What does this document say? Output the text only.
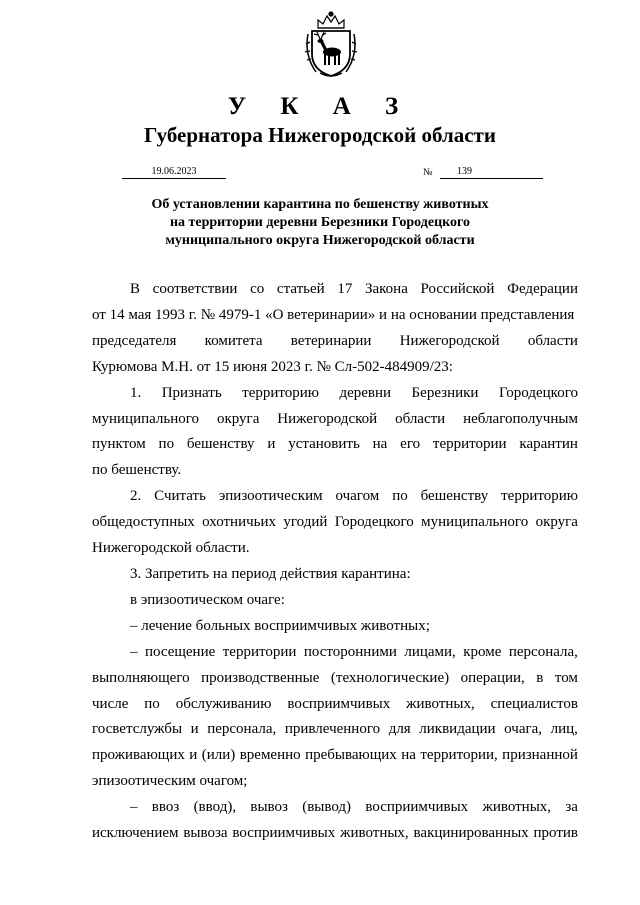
У К А З
Губернатора Нижегородской области
19.06.2023	№	139
Об установлении карантина по бешенству животных
на территории деревни Березники Городецкого
муниципального округа Нижегородской области
В соответствии со статьей 17 Закона Российской Федерации
от 14 мая 1993 г. № 4979-1 «О ветеринарии» и на основании представления
председателя комитета ветеринарии Нижегородской области
Курюмова М.Н. от 15 июня 2023 г. № Сл-502-484909/23:
1. Признать территорию деревни Березники Городецкого
муниципального округа Нижегородской области неблагополучным
пунктом по бешенству и установить на его территории карантин
по бешенству.
2. Считать эпизоотическим очагом по бешенству территорию
общедоступных охотничьих угодий Городецкого муниципального округа
Нижегородской области.
3. Запретить на период действия карантина:
в эпизоотическом очаге:
– лечение больных восприимчивых животных;
– посещение территории посторонними лицами, кроме персонала,
выполняющего производственные (технологические) операции, в том
числе по обслуживанию восприимчивых животных, специалистов
госветслужбы и персонала, привлеченного для ликвидации очага, лиц,
проживающих и (или) временно пребывающих на территории, признанной
эпизоотическим очагом;
– ввоз (ввод), вывоз (вывод) восприимчивых животных, за
исключением вывоза восприимчивых животных, вакцинированных против
